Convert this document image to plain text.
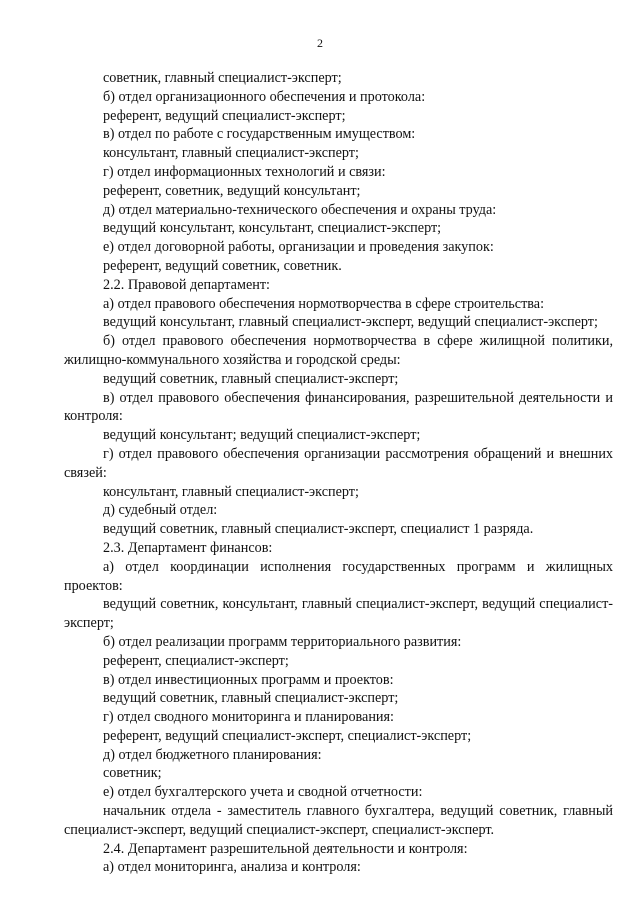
2

советник, главный специалист-эксперт;

б) отдел организационного обеспечения и протокола:

референт, ведущий специалист-эксперт;

в) отдел по работе с государственным имуществом:

консультант, главный специалист-эксперт;

г) отдел информационных технологий и связи:

референт, советник, ведущий консультант;

д) отдел материально-технического обеспечения и охраны труда:

ведущий консультант, консультант, специалист-эксперт;

е) отдел договорной работы, организации и проведения закупок:

референт, ведущий советник, советник.

2.2. Правовой департамент:

а) отдел правового обеспечения нормотворчества в сфере строительства:

ведущий консультант, главный специалист-эксперт, ведущий специалист-эксперт;

б) отдел правового обеспечения нормотворчества в сфере жилищной политики, жилищно-коммунального хозяйства и городской среды:

ведущий советник, главный специалист-эксперт;

в) отдел правового обеспечения финансирования, разрешительной деятельности и контроля:

ведущий консультант; ведущий специалист-эксперт;

г) отдел правового обеспечения организации рассмотрения обращений и внешних связей:

консультант, главный специалист-эксперт;

д) судебный отдел:

ведущий советник, главный специалист-эксперт, специалист 1 разряда.

2.3. Департамент финансов:

а) отдел координации исполнения государственных программ и жилищных проектов:

ведущий советник, консультант, главный специалист-эксперт, ведущий специалист-эксперт;

б) отдел реализации программ территориального развития:

референт, специалист-эксперт;

в) отдел инвестиционных программ и проектов:

ведущий советник, главный специалист-эксперт;

г) отдел сводного мониторинга и планирования:

референт, ведущий специалист-эксперт, специалист-эксперт;

д) отдел бюджетного планирования:

советник;

е) отдел бухгалтерского учета и сводной отчетности:

начальник отдела - заместитель главного бухгалтера, ведущий советник, главный специалист-эксперт, ведущий специалист-эксперт, специалист-эксперт.

2.4. Департамент разрешительной деятельности и контроля:

а) отдел мониторинга, анализа и контроля:
